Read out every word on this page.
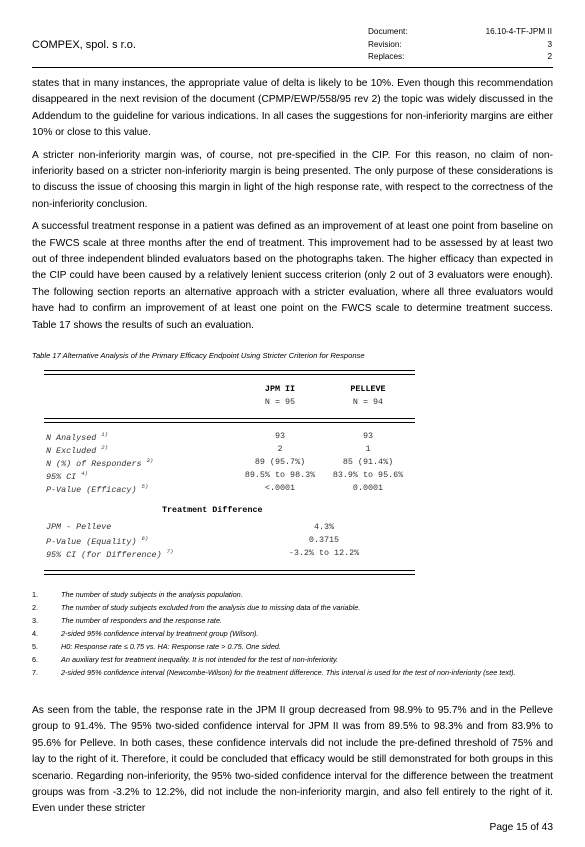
COMPEX, spol. s r.o.
Document:	16.10-4-TF-JPM II
Revision:	3
Replaces:	2

states that in many instances, the appropriate value of delta is likely to be 10%. Even though this recommendation disappeared in the next revision of the document (CPMP/EWP/558/95 rev 2) the topic was widely discussed in the Addendum to the guideline for various indications. In all cases the suggestions for non-inferiority margins are either 10% or close to this value.

A stricter non-inferiority margin was, of course, not pre-specified in the CIP. For this reason, no claim of non-inferiority based on a stricter non-inferiority margin is being presented. The only purpose of these considerations is to discuss the issue of choosing this margin in light of the high response rate, with respect to the correctness of the non-inferiority conclusion.

A successful treatment response in a patient was defined as an improvement of at least one point from baseline on the FWCS scale at three months after the end of treatment. This improvement had to be assessed by at least two out of three independent blinded evaluators based on the photographs taken. The higher efficacy than expected in the CIP could have been caused by a relatively lenient success criterion (only 2 out of 3 evaluators were enough). The following section reports an alternative approach with a stricter evaluation, where all three evaluators would have had to confirm an improvement of at least one point on the FWCS scale to determine treatment success. Table 17 shows the results of such an evaluation.

Table 17 Alternative Analysis of the Primary Efficacy Endpoint Using Stricter Criterion for Response
JPM II	PELLEVE
N = 95	N = 94
N Analysed $^{1)}$	93	93
N Excluded $^{2)}$	2	1
N (%) of Responders $^{3)}$	89 (95.7%)	85 (91.4%)
95% CI $^{4)}$	89.5% to 98.3%	83.9% to 95.6%
P-Value (Efficacy) $^{5)}$	<.0001	0.0001
Treatment Difference
JPM - Pelleve	4.3%
P-Value (Equality) $^{6)}$	0.3715
95% CI (for Difference) $^{7)}$	-3.2% to 12.2%
1.	The number of study subjects in the analysis population.
2.	The number of study subjects excluded from the analysis due to missing data of the variable.
3.	The number of responders and the response rate.
4.	2-sided 95% confidence interval by treatment group (Wilson).
5.	H0: Response rate ≤ 0.75 vs. HA: Response rate > 0.75. One sided.
6.	An auxiliary test for treatment inequality. It is not intended for the test of non-inferiority.
7.	2-sided 95% confidence interval (Newcombe-Wilson) for the treatment difference. This interval is used for the test of non-inferiority (see text).
As seen from the table, the response rate in the JPM II group decreased from 98.9% to 95.7% and in the Pelleve group to 91.4%. The 95% two-sided confidence interval for JPM II was from 89.5% to 98.3% and from 83.9% to 95.6% for Pelleve. In both cases, these confidence intervals did not include the pre-defined threshold of 75% and lay to the right of it. Therefore, it could be concluded that efficacy would be still demonstrated for both groups in this scenario. Regarding non-inferiority, the 95% two-sided confidence interval for the difference between the treatment groups was from -3.2% to 12.2%, did not include the non-inferiority margin, and also fell entirely to the right of it. Even under these stricter
Page 15 of 43
